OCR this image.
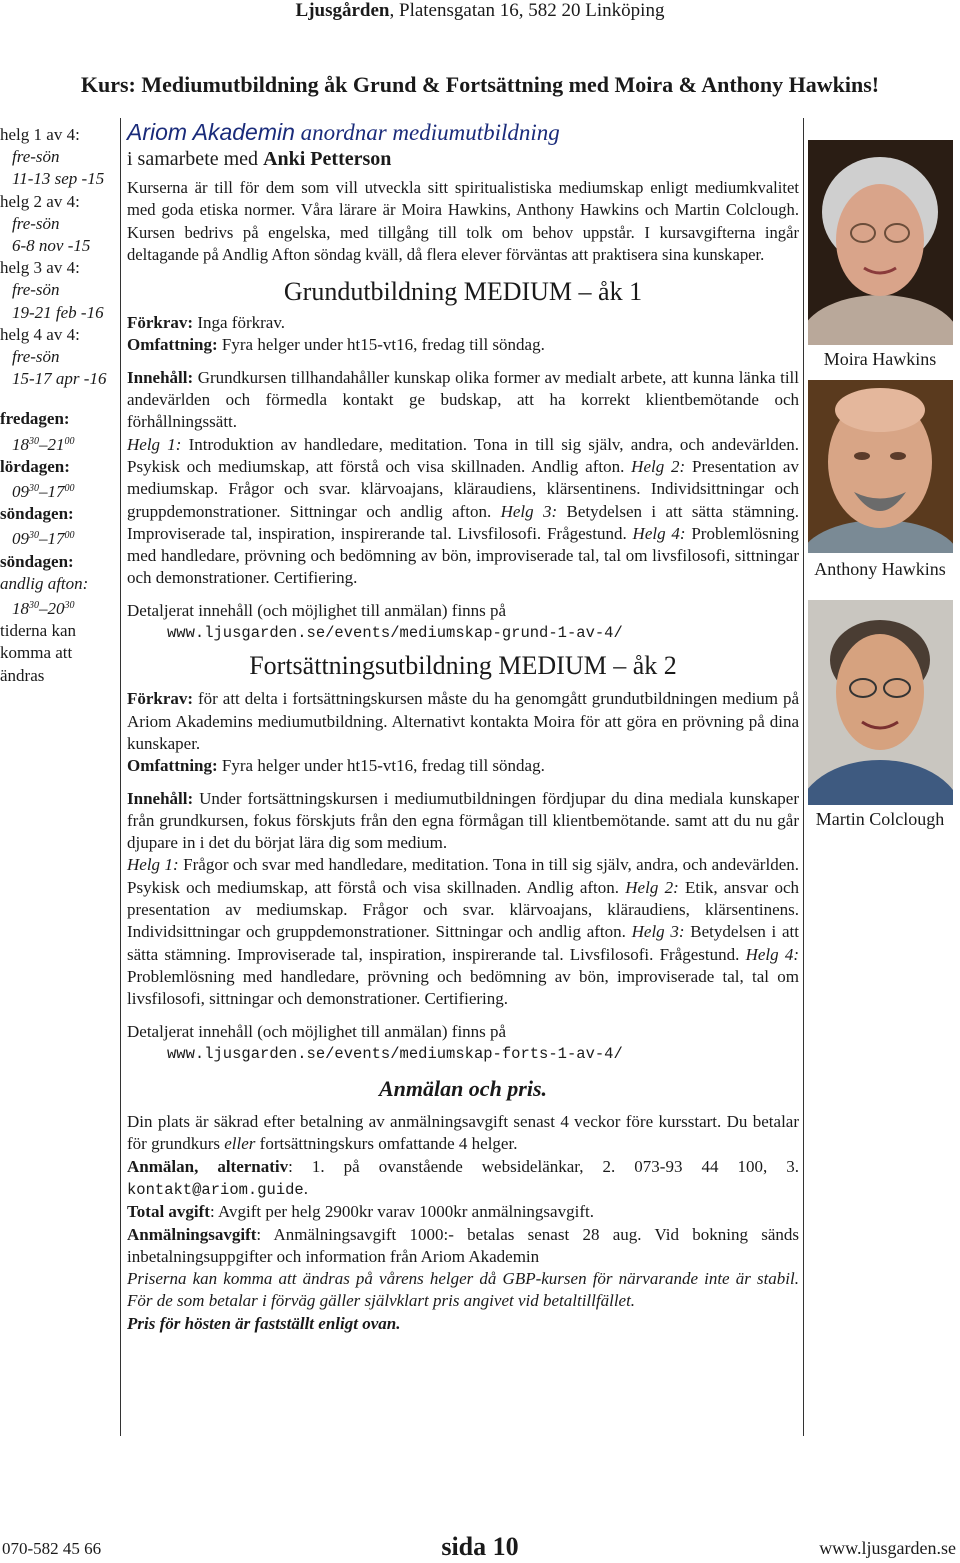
Ljusgården, Platensgatan 16, 582 20 Linköping
Kurs: Mediumutbildning åk Grund & Fortsättning med Moira & Anthony Hawkins!
helg 1 av 4:
fre-sön
11-13 sep -15
helg 2 av 4:
fre-sön
6-8 nov -15
helg 3 av 4:
fre-sön
19-21 feb -16
helg 4 av 4:
fre-sön
15-17 apr -16
fredagen:
$18^{30}-21^{00}$
lördagen:
$09^{30}-17^{00}$
söndagen:
$09^{30}-17^{00}$
söndagen:
andlig afton:
$18^{30}-20^{30}$
tiderna kan komma att ändras

Ariom Akademin anordnar mediumutbildning

i samarbete med Anki Petterson

Kurserna är till för dem som vill utveckla sitt spiritualistiska mediumskap enligt mediumkvalitet med goda etiska normer. Våra lärare är Moira Hawkins, Anthony Hawkins och Martin Colclough. Kursen bedrivs på engelska, med tillgång till tolk om behov uppstår. I kursavgifterna ingår deltagande på Andlig Afton söndag kväll, då flera elever förväntas att praktisera sina kunskaper.

Grundutbildning MEDIUM – åk 1

Förkrav: Inga förkrav.

Omfattning: Fyra helger under ht15-vt16, fredag till söndag.

Innehåll: Grundkursen tillhandahåller kunskap olika former av medialt arbete, att kunna länka till andevärlden och förmedla kontakt ge budskap, att ha korrekt klientbemötande och förhållningssätt.

Helg 1: Introduktion av handledare, meditation. Tona in till sig själv, andra, och andevärlden. Psykisk och mediumskap, att förstå och visa skillnaden. Andlig afton. Helg 2: Presentation av mediumskap. Frågor och svar. klärvoajans, kläraudiens, klärsentinens. Individsittningar och gruppdemonstrationer. Sittningar och andlig afton. Helg 3: Betydelsen i att sätta stämning. Improviserade tal, inspiration, inspirerande tal. Livsfilosofi. Frågestund. Helg 4: Problemlösning med handledare, prövning och bedömning av bön, improviserade tal, tal om livsfilosofi, sittningar och demonstrationer. Certifiering.

Detaljerat innehåll (och möjlighet till anmälan) finns på

www.ljusgarden.se/events/mediumskap-grund-1-av-4/
Fortsättningsutbildning MEDIUM – åk 2

Förkrav: för att delta i fortsättningskursen måste du ha genomgått grundutbildningen medium på Ariom Akademins mediumutbildning. Alternativt kontakta Moira för att göra en prövning på dina kunskaper.

Omfattning: Fyra helger under ht15-vt16, fredag till söndag.

Innehåll: Under fortsättningskursen i mediumutbildningen fördjupar du dina mediala kunskaper från grundkursen, fokus förskjuts från den egna förmågan till klientbemötande. samt att du nu går djupare in i det du börjat lära dig som medium.

Helg 1: Frågor och svar med handledare, meditation. Tona in till sig själv, andra, och andevärlden. Psykisk och mediumskap, att förstå och visa skillnaden. Andlig afton. Helg 2: Etik, ansvar och presentation av mediumskap. Frågor och svar. klärvoajans, kläraudiens, klärsentinens. Individsittningar och gruppdemonstrationer. Sittningar och andlig afton. Helg 3: Betydelsen i att sätta stämning. Improviserade tal, inspiration, inspirerande tal. Livsfilosofi. Frågestund. Helg 4: Problemlösning med handledare, prövning och bedömning av bön, improviserade tal, tal om livsfilosofi, sittningar och demonstrationer. Certifiering.

Detaljerat innehåll (och möjlighet till anmälan) finns på

www.ljusgarden.se/events/mediumskap-forts-1-av-4/
Anmälan och pris.

Din plats är säkrad efter betalning av anmälningsavgift senast 4 veckor före kursstart. Du betalar för grundkurs eller fortsättningskurs omfattande 4 helger.

Anmälan, alternativ: 1. på ovanstående websidelänkar, 2. 073-93 44 100, 3. kontakt@ariom.guide.

Total avgift: Avgift per helg 2900kr varav 1000kr anmälningsavgift.

Anmälningsavgift: Anmälningsavgift 1000:- betalas senast 28 aug. Vid bokning sänds inbetalningsuppgifter och information från Ariom Akademin

Priserna kan komma att ändras på vårens helger då GBP-kursen för närvarande inte är stabil. För de som betalar i förväg gäller självklart pris angivet vid betaltillfället.

Pris för hösten är fastställt enligt ovan.

Moira Hawkins
Anthony Hawkins
Martin Colclough
070-582 45 66	sida 10	www.ljusgarden.se
